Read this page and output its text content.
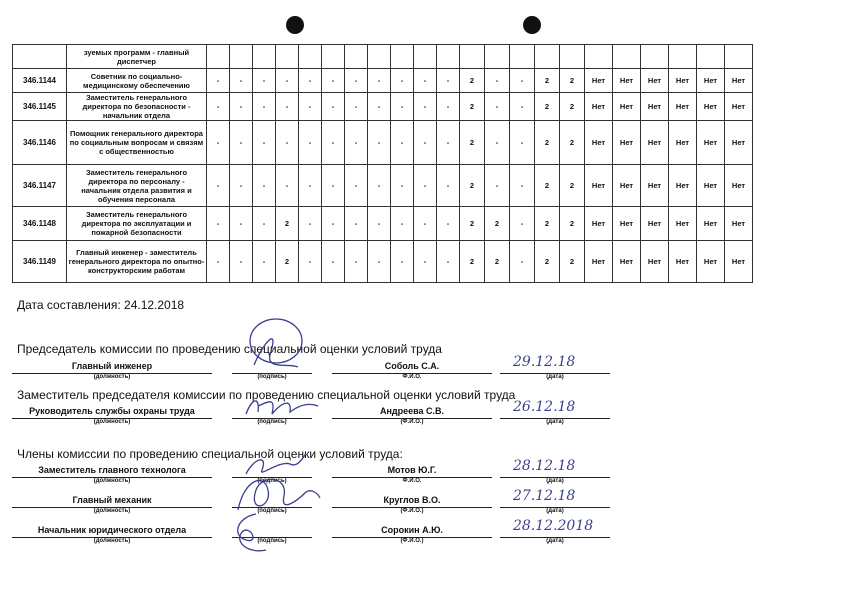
	зуемых программ - главный диспетчер																						
346.1144	Советник по социально-медицинскому обеспечению	-	-	-	-	-	-	-	-	-	-	-	2	-	-	2	2	Нет	Нет	Нет	Нет	Нет	Нет
346.1145	Заместитель генерального директора по безопасности - начальник отдела	-	-	-	-	-	-	-	-	-	-	-	2	-	-	2	2	Нет	Нет	Нет	Нет	Нет	Нет
346.1146	Помощник генерального директора по социальным вопросам и связям с общественностью	-	-	-	-	-	-	-	-	-	-	-	2	-	-	2	2	Нет	Нет	Нет	Нет	Нет	Нет
346.1147	Заместитель генерального директора по персоналу - начальник отдела развития и обучения персонала	-	-	-	-	-	-	-	-	-	-	-	2	-	-	2	2	Нет	Нет	Нет	Нет	Нет	Нет
346.1148	Заместитель генерального директора по эксплуатации и пожарной безопасности	-	-	-	2	-	-	-	-	-	-	-	2	2	-	2	2	Нет	Нет	Нет	Нет	Нет	Нет
346.1149	Главный инженер - заместитель генерального директора по опытно-конструкторским работам	-	-	-	2	-	-	-	-	-	-	-	2	2	-	2	2	Нет	Нет	Нет	Нет	Нет	Нет
Дата составления: 24.12.2018
Председатель комиссии по проведению специальной оценки условий труда
Главный инженер
(должность)	(подпись)
Соболь С.А.
Ф.И.О.	(дата)
29.12.18
Заместитель председателя комиссии по проведению специальной оценки условий труда
Руководитель службы охраны труда
(должность)	(подпись)
Андреева С.В.
(Ф.И.О.)	(дата)
26.12.18
Члены комиссии по проведению специальной оценки условий труда:
Заместитель главного технолога
(должность)	(подпись)
Мотов Ю.Г.
Ф.И.О.	(дата)
28.12.18
Главный механик
(должность)	(подпись)
Круглов В.О.
(Ф.И.О.)	(дата)
27.12.18
Начальник юридического отдела
(должность)	(подпись)
Сорокин А.Ю.
(Ф.И.О.)	(дата)
28.12.2018
